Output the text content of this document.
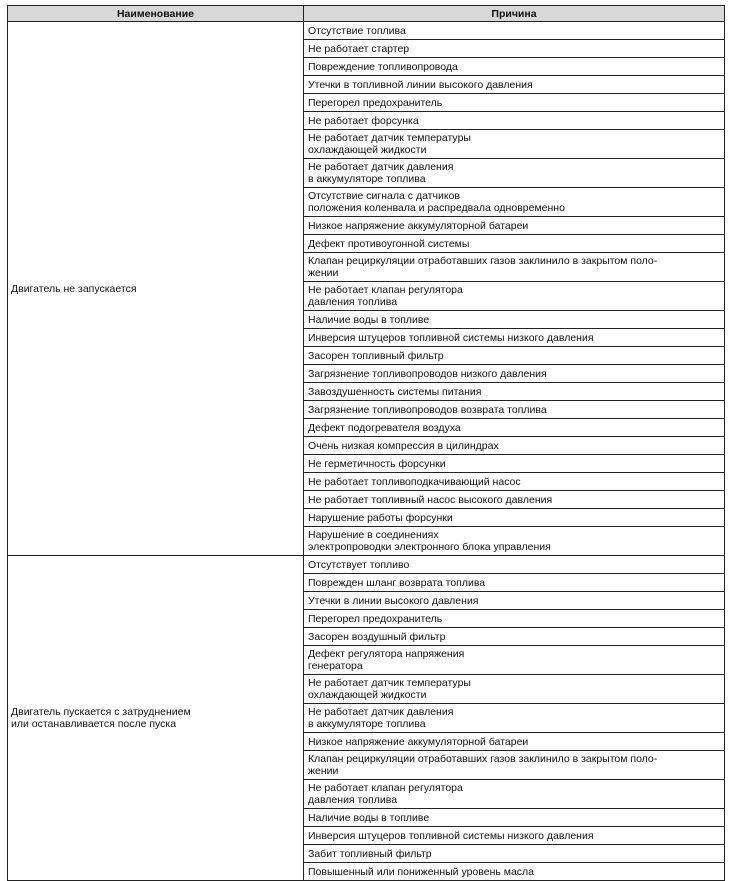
Наименование	Причина
Двигатель не запускается	Отсутствие топлива
	Не работает стартер
	Повреждение топливопровода
	Утечки в топливной линии высокого давления
	Перегорел предохранитель
	Не работает форсунка
	Не работает датчик температуры
охлаждающей жидкости
	Не работает датчик давления
в аккумуляторе топлива
	Отсутствие сигнала с датчиков
положения коленвала и распредвала одновременно
	Низкое напряжение аккумуляторной батареи
	Дефект противоугонной системы
	Клапан рециркуляции отработавших газов заклинило в закрытом поло-
жении
	Не работает клапан регулятора
давления топлива
	Наличие воды в топливе
	Инверсия штуцеров топливной системы низкого давления
	Засорен топливный фильтр
	Загрязнение топливопроводов низкого давления
	Завоздушенность системы питания
	Загрязнение топливопроводов возврата топлива
	Дефект подогревателя воздуха
	Очень низкая компрессия в цилиндрах
	Не герметичность форсунки
	Не работает топливоподкачивающий насос
	Не работает топливный насос высокого давления
	Нарушение работы форсунки
	Нарушение в соединениях
электропроводки электронного блока управления
Двигатель пускается с затруднением
или останавливается после пуска	Отсутствует топливо
	Поврежден шланг возврата топлива
	Утечки в линии высокого давления
	Перегорел предохранитель
	Засорен воздушный фильтр
	Дефект регулятора напряжения
генератора
	Не работает датчик температуры
охлаждающей жидкости
	Не работает датчик давления
в аккумуляторе топлива
	Низкое напряжение аккумуляторной батареи
	Клапан рециркуляции отработавших газов заклинило в закрытом поло-
жении
	Не работает клапан регулятора
давления топлива
	Наличие воды в топливе
	Инверсия штуцеров топливной системы низкого давления
	Забит топливный фильтр
	Повышенный или пониженный уровень масла
